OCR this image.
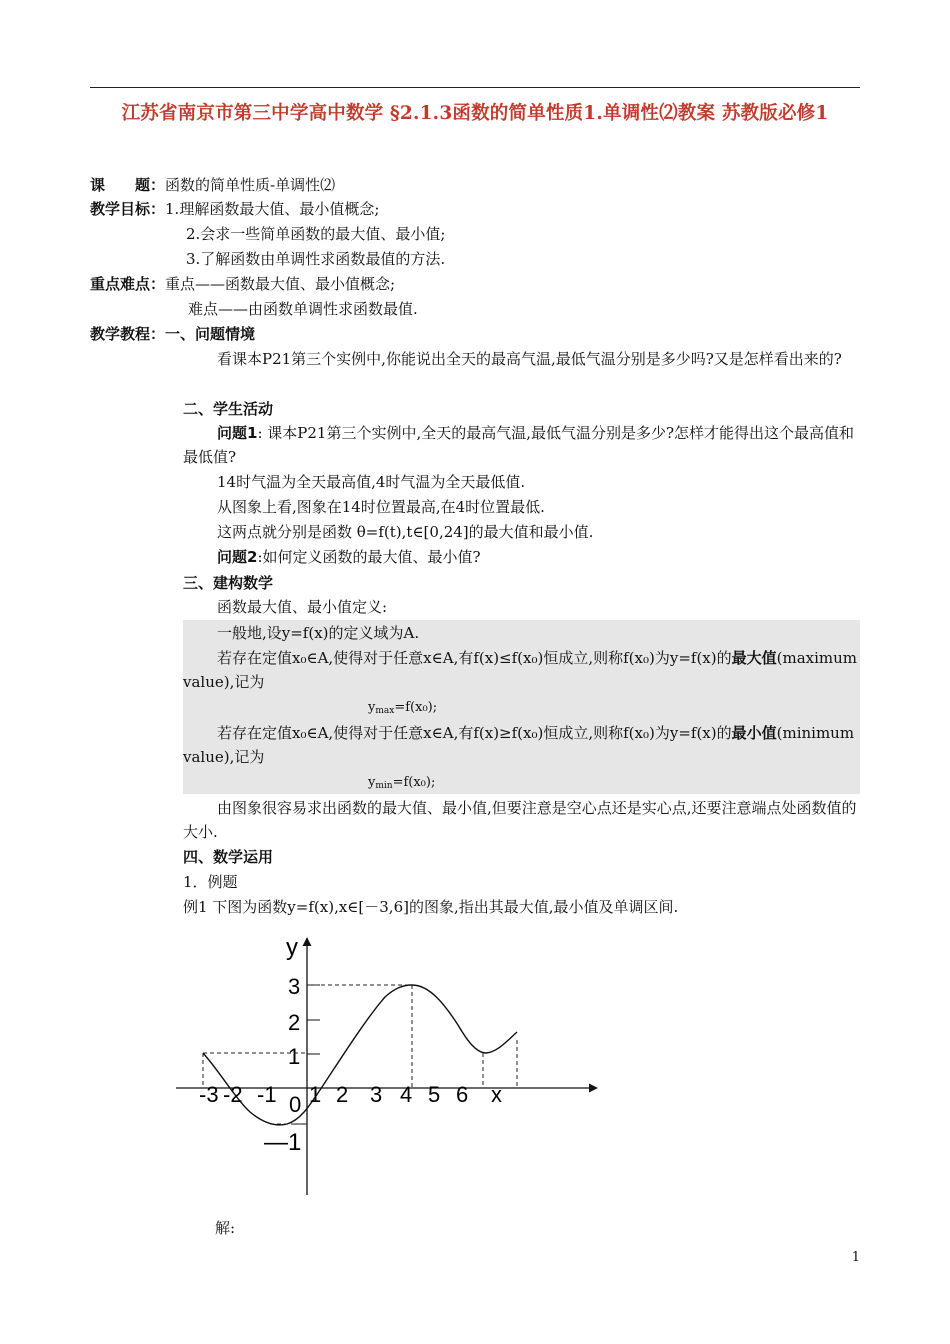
江苏省南京市第三中学高中数学 §2.1.3函数的简单性质1.单调性⑵教案 苏教版必修1
课　　题：函数的简单性质-单调性⑵
教学目标：1.理解函数最大值、最小值概念;
2.会求一些简单函数的最大值、最小值;
3.了解函数由单调性求函数最值的方法.
重点难点：重点——函数最大值、最小值概念;
难点——由函数单调性求函数最值.
教学教程：一、问题情境
看课本P21第三个实例中,你能说出全天的最高气温,最低气温分别是多少吗?又是怎样看出来的?
二、学生活动
问题1: 课本P21第三个实例中,全天的最高气温,最低气温分别是多少?怎样才能得出这个最高值和最低值?
14时气温为全天最高值,4时气温为全天最低值.
从图象上看,图象在14时位置最高,在4时位置最低.
这两点就分别是函数 θ=f(t),t∈[0,24]的最大值和最小值.
问题2:如何定义函数的最大值、最小值?
三、建构数学
函数最大值、最小值定义:
一般地,设y=f(x)的定义域为A.
若存在定值x₀∈A,使得对于任意x∈A,有f(x)≤f(x₀)恒成立,则称f(x₀)为y=f(x)的最大值(maximum value),记为
$y_{max}=f(x_0)$;
若存在定值x₀∈A,使得对于任意x∈A,有f(x)≥f(x₀)恒成立,则称f(x₀)为y=f(x)的最小值(minimum value),记为
$y_{min}=f(x_0)$;
由图象很容易求出函数的最大值、最小值,但要注意是空心点还是实心点,还要注意端点处函数值的大小.
四、数学运用
1．例题
例1 下图为函数y=f(x),x∈[－3,6]的图象,指出其最大值,最小值及单调区间.
y
3
2
1
0
—1
-3 -2 -1 1 2 3 4 5 6 x
解:
1
